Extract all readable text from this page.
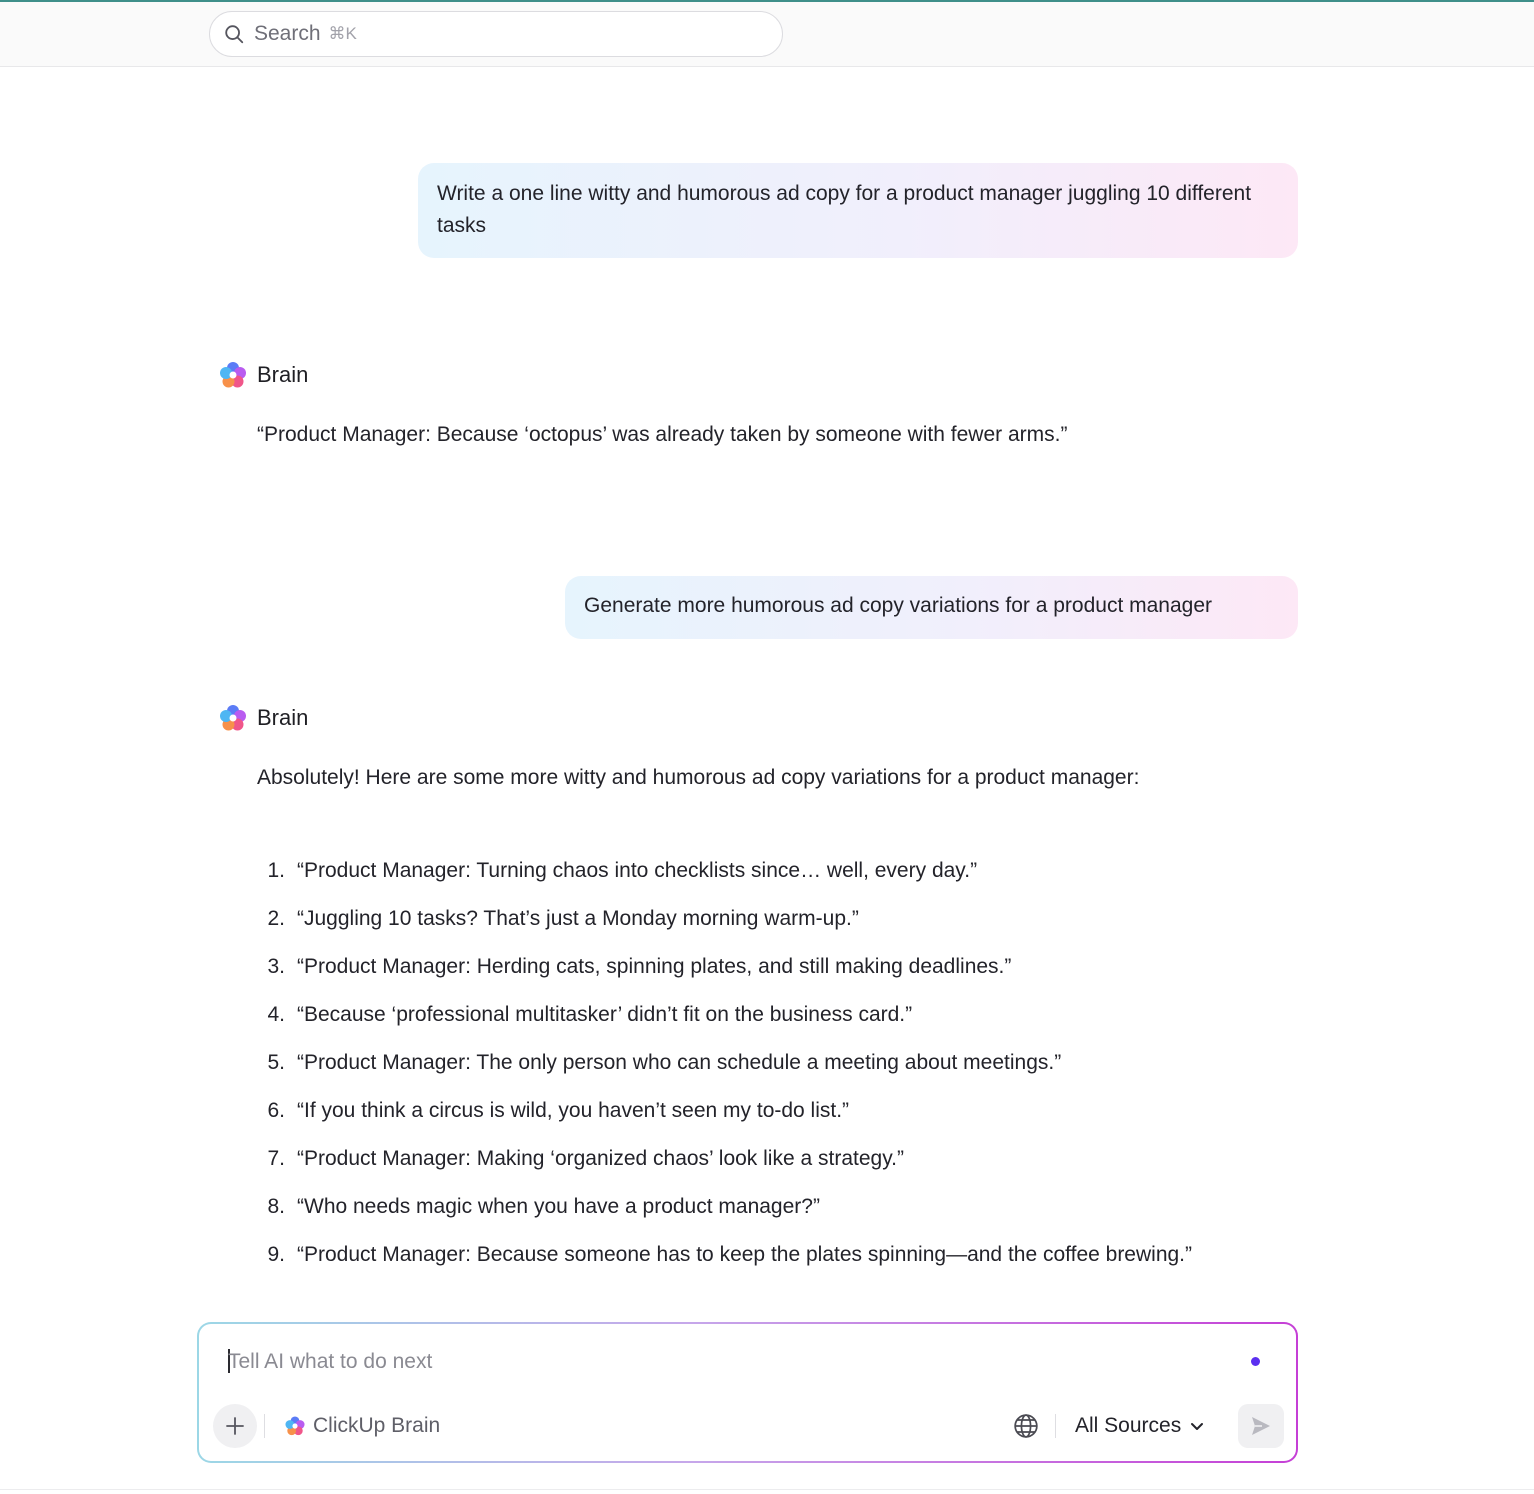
Search ⌘K
Write a one line witty and humorous ad copy for a product manager juggling 10 different tasks
Brain
“Product Manager: Because ‘octopus’ was already taken by someone with fewer arms.”
Generate more humorous ad copy variations for a product manager
Brain
Absolutely! Here are some more witty and humorous ad copy variations for a product manager:
1. “Product Manager: Turning chaos into checklists since… well, every day.”
2. “Juggling 10 tasks? That’s just a Monday morning warm-up.”
3. “Product Manager: Herding cats, spinning plates, and still making deadlines.”
4. “Because ‘professional multitasker’ didn’t fit on the business card.”
5. “Product Manager: The only person who can schedule a meeting about meetings.”
6. “If you think a circus is wild, you haven’t seen my to-do list.”
7. “Product Manager: Making ‘organized chaos’ look like a strategy.”
8. “Who needs magic when you have a product manager?”
9. “Product Manager: Because someone has to keep the plates spinning—and the coffee brewing.”
Tell AI what to do next
ClickUp Brain	All Sources
